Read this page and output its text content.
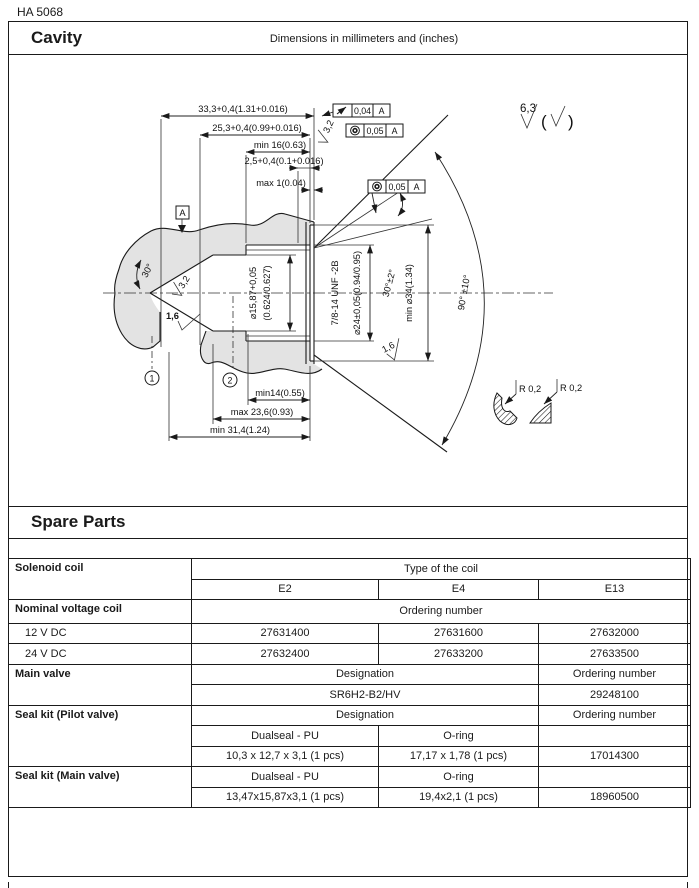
HA 5068
Cavity	Dimensions in millimeters and (inches)
33,3+0,4(1.31+0.016)
25,3+0,4(0.99+0.016)
min 16(0.63)
2,5+0,4(0.1+0.016)
max 1(0.04)
min14(0.55)
max 23,6(0.93)
min 31,4(1.24)
⌀15,87+0,05 (0.624/0.627)	7/8-14 UNF -2B ⌀24±0,05(0.94/0.95) 30°±2° min ⌀34(1.34)	90° ±10°
30°
A
0,04 A
0,05 A
0,05 A
3,2
3,2
1,6
1,6
6,3
( )
1	2
R 0,2 R 0,2
Spare Parts
Solenoid coil	Type of the coil		
	E2	E4	E13
Nominal voltage coil	Ordering number		
12 V DC	27631400	27631600	27632000
24 V DC	27632400	27633200	27633500
Main valve	Designation		Ordering number
	SR6H2-B2/HV		29248100
Seal kit (Pilot valve)	Designation		Ordering number
	Dualseal - PU	O-ring	
	10,3 x 12,7 x 3,1 (1 pcs)	17,17 x 1,78 (1 pcs)	17014300
Seal kit (Main valve)	Dualseal - PU	O-ring	
	13,47x15,87x3,1 (1 pcs)	19,4x2,1 (1 pcs)	18960500
